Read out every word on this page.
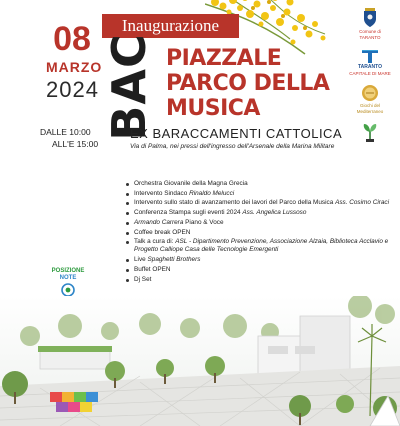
08
MARZO
2024
Inaugurazione
BAC PIAZZALE
PARCO DELLA
MUSICA
DALLE 10:00
ALL'E 15:00
EX BARACCAMENTI CATTOLICA
Via di Palma, nei pressi dell'ingresso dell'Arsenale della Marina Militare
Comune di
TARANTO
TARANTO
CAPITALE DI MARE
Giochi del
Mediterraneo
Orchestra Giovanile della Magna Grecia
Intervento Sindaco Rinaldo Melucci
Intervento sullo stato di avanzamento dei lavori del Parco della Musica Ass. Cosimo Ciraci
Conferenza Stampa sugli eventi 2024 Ass. Angelica Lussoso
Armando Carrera Piano & Voce
Coffee break OPEN
Talk a cura di: ASL - Dipartimento Prevenzione, Associazione Alzaia, Biblioteca Acclavio e Progetto Calliope Casa delle Tecnologie Emergenti
Live Spaghetti Brothers
Buffet OPEN
Dj Set
POSIZIONE
NOTE
